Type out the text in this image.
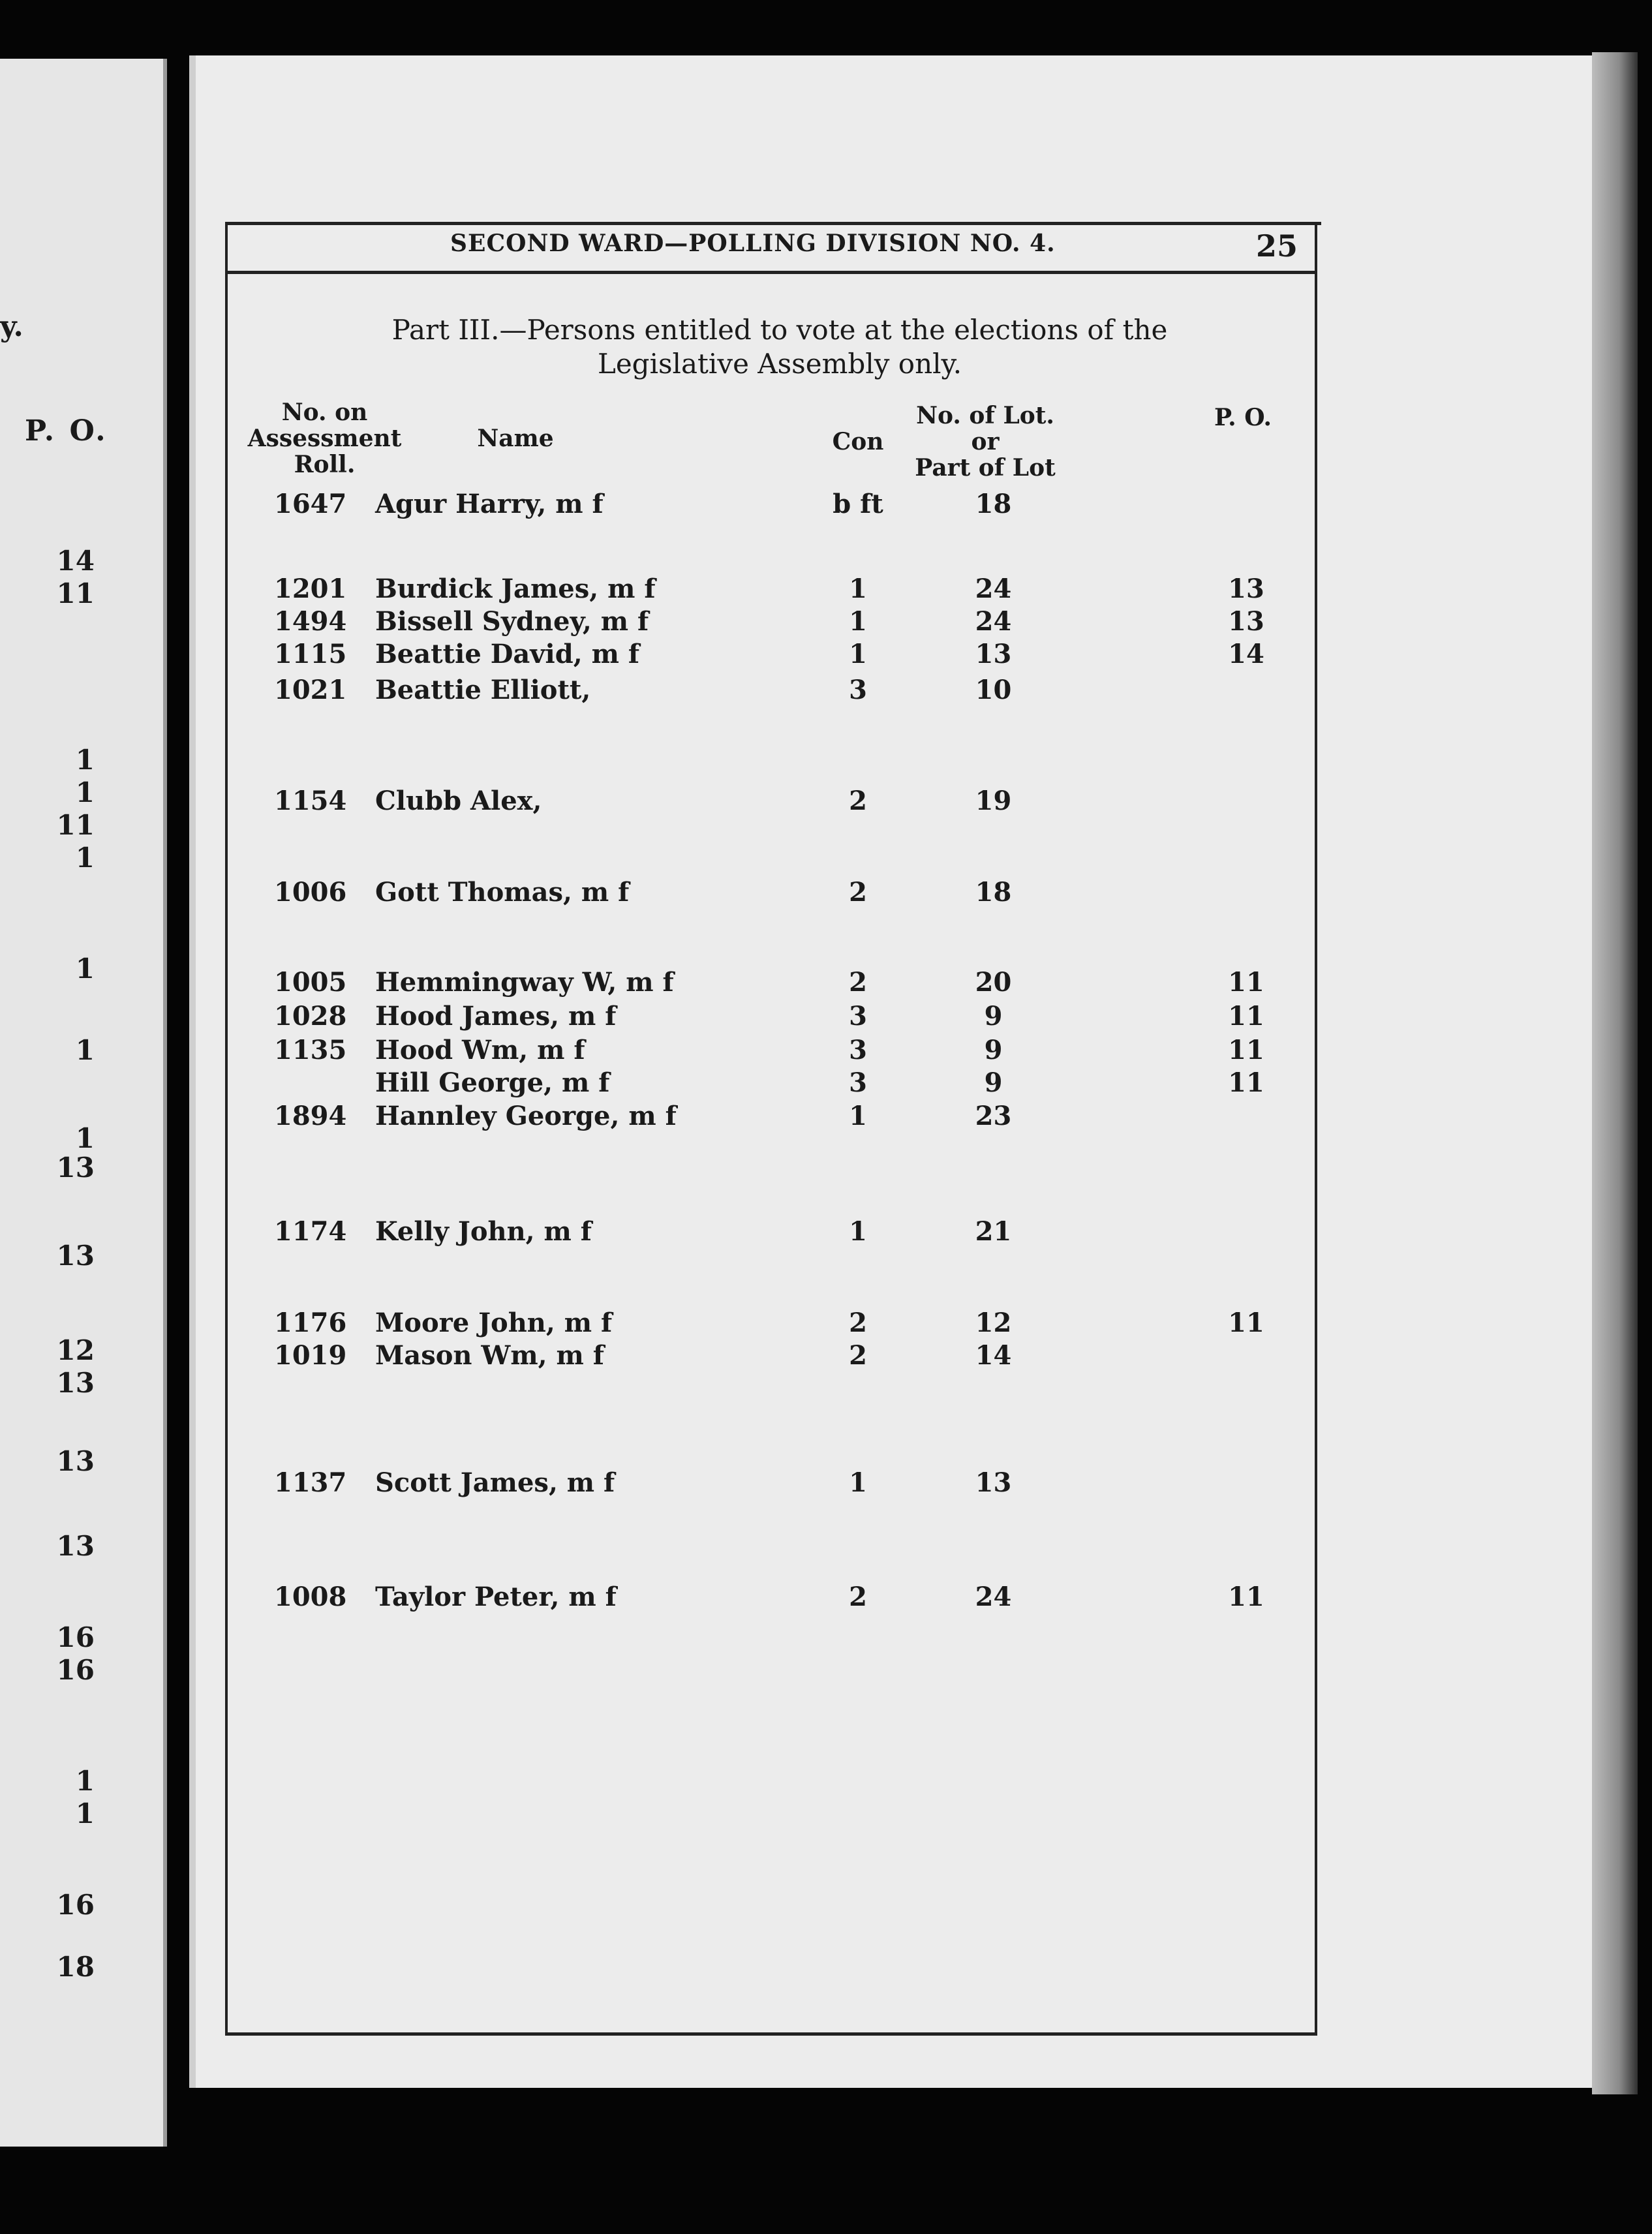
y.
P. O.
14
11
1
1
11
1
1
1
1
13
13
12
13
13
13
16
16
1
1
16
18
SECOND WARD—POLLING DIVISION NO. 4.	25
Part III.—Persons entitled to vote at the elections of the
Legislative Assembly only.
No. on
Assessment
Roll.
Name	Con
No. of Lot.
or
Part of Lot
P. O.
1647 Agur Harry, m f	b ft	18
1201 Burdick James, m f	1	24	13
1494 Bissell Sydney, m f	1	24	13
1115 Beattie David, m f	1	13	14
1021 Beattie Elliott,	3	10
1154 Clubb Alex,	2	19
1006 Gott Thomas, m f	2	18
1005 Hemmingway W, m f	2	20	11
1028 Hood James, m f	3	9	11
1135 Hood Wm, m f	3	9	11
Hill George, m f	3	9	11
1894 Hannley George, m f	1	23
1174 Kelly John, m f	1	21
1176 Moore John, m f	2	12	11
1019 Mason Wm, m f	2	14
1137 Scott James, m f	1	13
1008 Taylor Peter, m f	2	24	11
